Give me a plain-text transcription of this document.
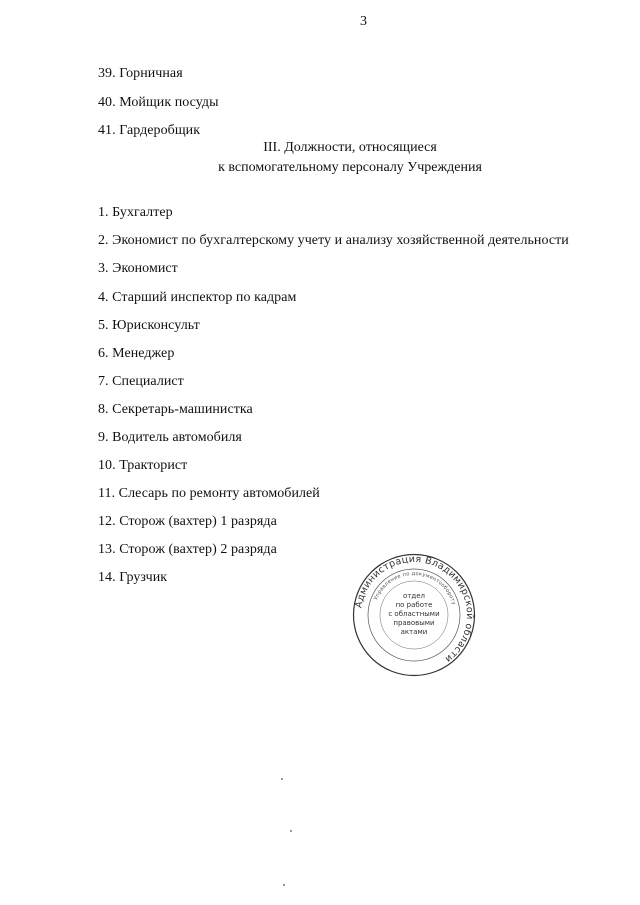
3
39. Горничная
40. Мойщик посуды
41. Гардеробщик
III. Должности, относящиеся
к вспомогательному персоналу Учреждения
1. Бухгалтер
2. Экономист по бухгалтерскому учету и анализу хозяйственной деятельности
3. Экономист
4. Старший инспектор по кадрам
5. Юрисконсульт
6. Менеджер
7. Специалист
8. Секретарь-машинистка
9. Водитель автомобиля
10. Тракторист
11. Слесарь по ремонту автомобилей
12. Сторож (вахтер) 1 разряда
13. Сторож (вахтер) 2 разряда
14. Грузчик
Администрация Владимирской области
Управление по документообороту
отдел
по работе
с областными
правовыми
актами
